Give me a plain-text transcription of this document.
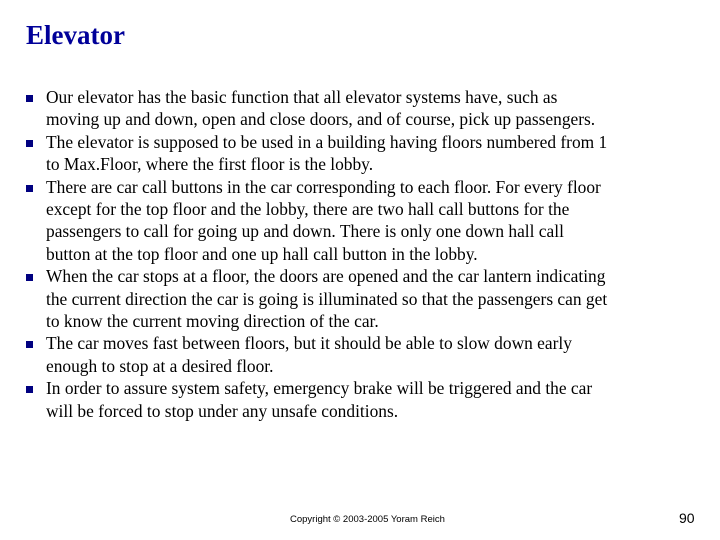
Elevator
Our elevator has the basic function that all elevator systems have, such as
moving up and down, open and close doors, and of course, pick up passengers.
The elevator is supposed to be used in a building having floors numbered from 1
to Max.Floor, where the first floor is the lobby.
There are car call buttons in the car corresponding to each floor. For every floor
except for the top floor and the lobby, there are two hall call buttons for the
passengers to call for going up and down. There is only one down hall call
button at the top floor and one up hall call button in the lobby.
When the car stops at a floor, the doors are opened and the car lantern indicating
the current direction the car is going is illuminated so that the passengers can get
to know the current moving direction of the car.
The car moves fast between floors, but it should be able to slow down early
enough to stop at a desired floor.
In order to assure system safety, emergency brake will be triggered and the car
will be forced to stop under any unsafe conditions.
Copyright © 2003-2005 Yoram Reich	90
